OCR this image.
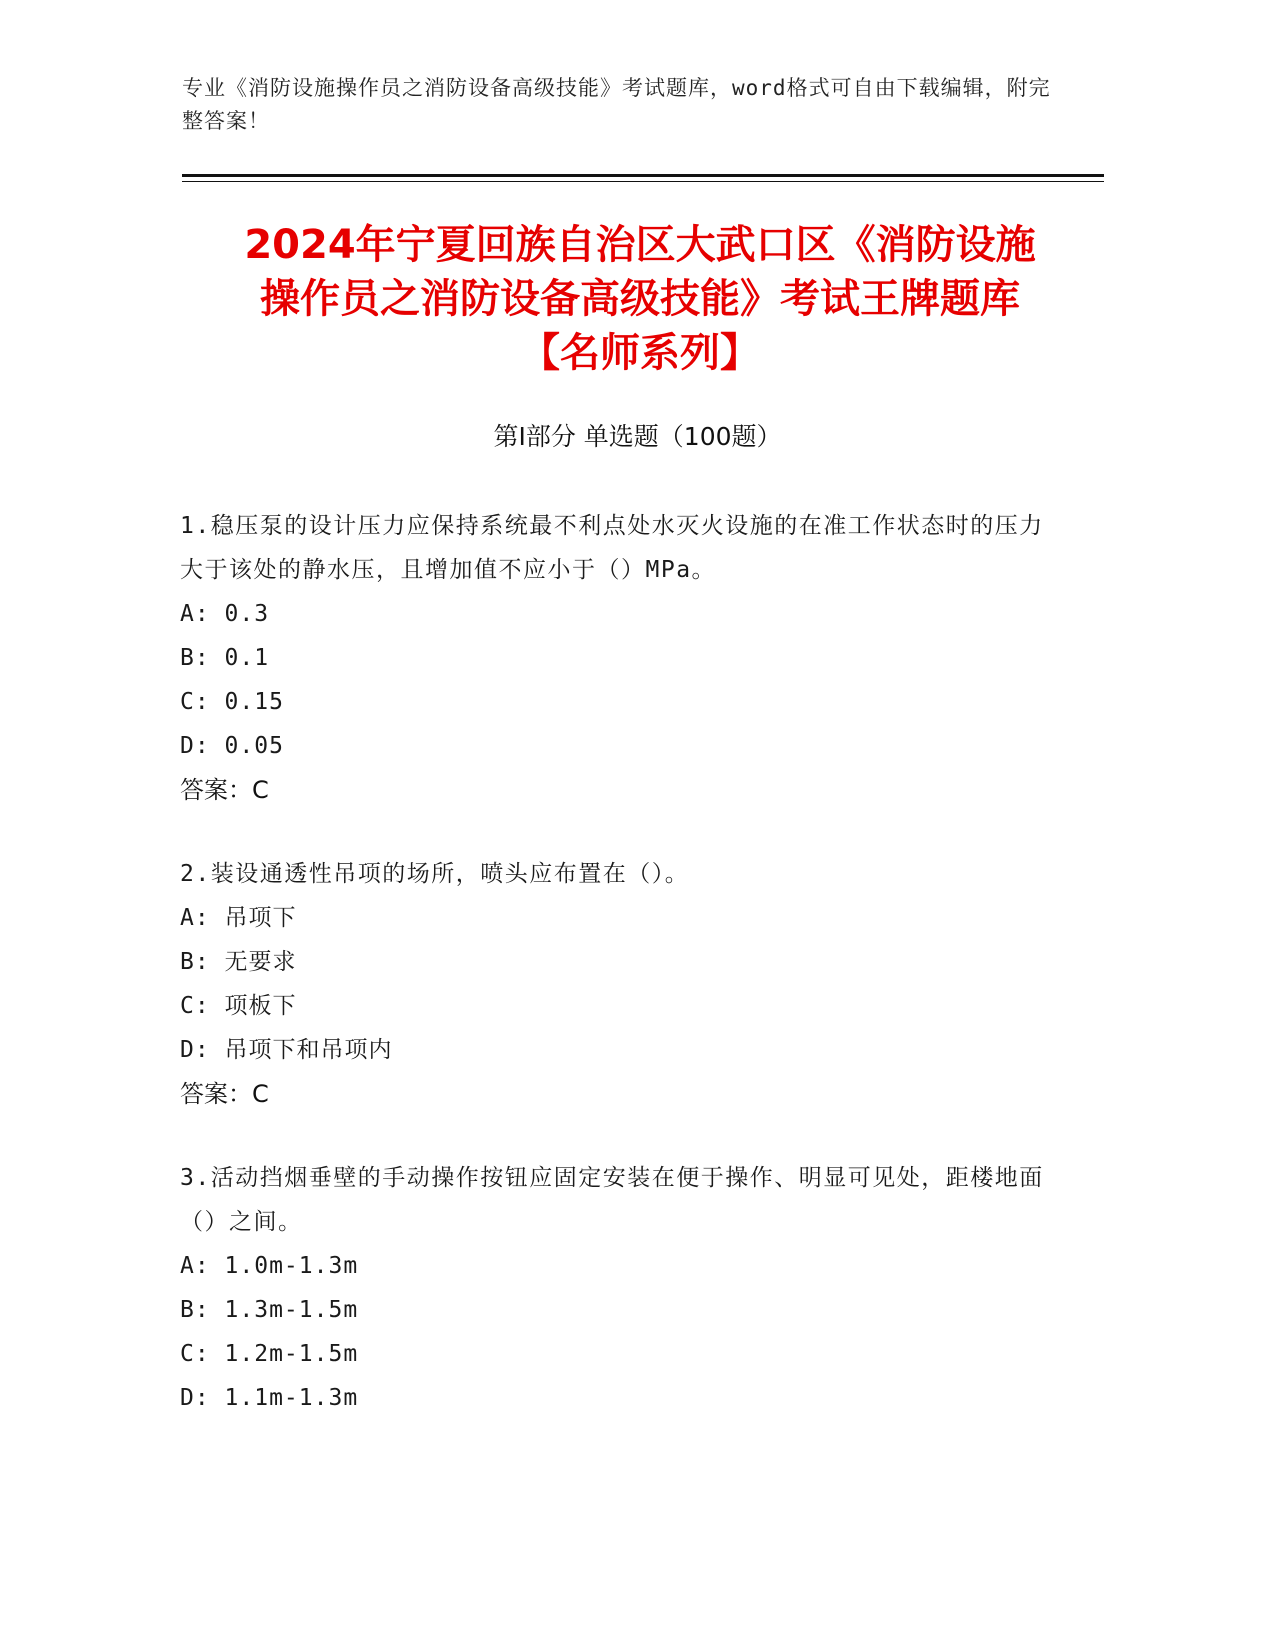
专业《消防设施操作员之消防设备高级技能》考试题库，word格式可自由下载编辑，附完整答案！
2024年宁夏回族自治区大武口区《消防设施
操作员之消防设备高级技能》考试王牌题库
【名师系列】
第I部分 单选题（100题）

1.稳压泵的设计压力应保持系统最不利点处水灭火设施的在准工作状态时的压力大于该处的静水压，且增加值不应小于（）MPa。

A: 0.3

B: 0.1

C: 0.15

D: 0.05

答案：C

2.装设通透性吊项的场所，喷头应布置在（）。

A: 吊项下

B: 无要求

C: 项板下

D: 吊项下和吊项内

答案：C

3.活动挡烟垂壁的手动操作按钮应固定安装在便于操作、明显可见处，距楼地面（）之间。

A: 1.0m-1.3m

B: 1.3m-1.5m

C: 1.2m-1.5m

D: 1.1m-1.3m
